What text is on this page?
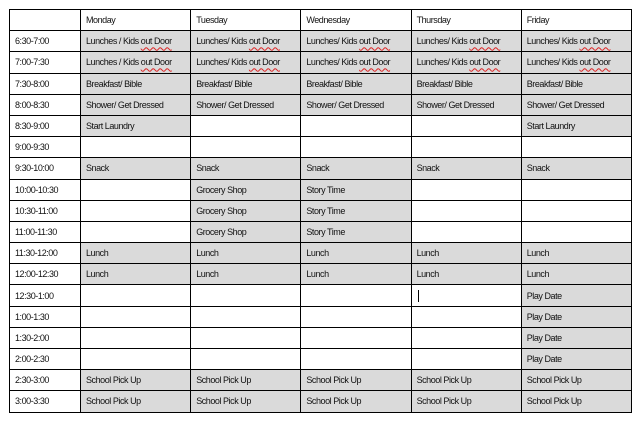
	Monday	Tuesday	Wednesday	Thursday	Friday
6:30-7:00	Lunches / Kids out Door	Lunches/ Kids out Door	Lunches/ Kids out Door	Lunches/ Kids out Door	Lunches/ Kids out Door
7:00-7:30	Lunches / Kids out Door	Lunches/ Kids out Door	Lunches/ Kids out Door	Lunches/ Kids out Door	Lunches/ Kids out Door
7:30-8:00	Breakfast/ Bible	Breakfast/ Bible	Breakfast/ Bible	Breakfast/ Bible	Breakfast/ Bible
8:00-8:30	Shower/ Get Dressed	Shower/ Get Dressed	Shower/ Get Dressed	Shower/ Get Dressed	Shower/ Get Dressed
8:30-9:00	Start Laundry				Start Laundry
9:00-9:30					
9:30-10:00	Snack	Snack	Snack	Snack	Snack
10:00-10:30		Grocery Shop	Story Time		
10:30-11:00		Grocery Shop	Story Time		
11:00-11:30		Grocery Shop	Story Time		
11:30-12:00	Lunch	Lunch	Lunch	Lunch	Lunch
12:00-12:30	Lunch	Lunch	Lunch	Lunch	Lunch
12:30-1:00					Play Date
1:00-1:30					Play Date
1:30-2:00					Play Date
2:00-2:30					Play Date
2:30-3:00	School Pick Up	School Pick Up	School Pick Up	School Pick Up	School Pick Up
3:00-3:30	School Pick Up	School Pick Up	School Pick Up	School Pick Up	School Pick Up
